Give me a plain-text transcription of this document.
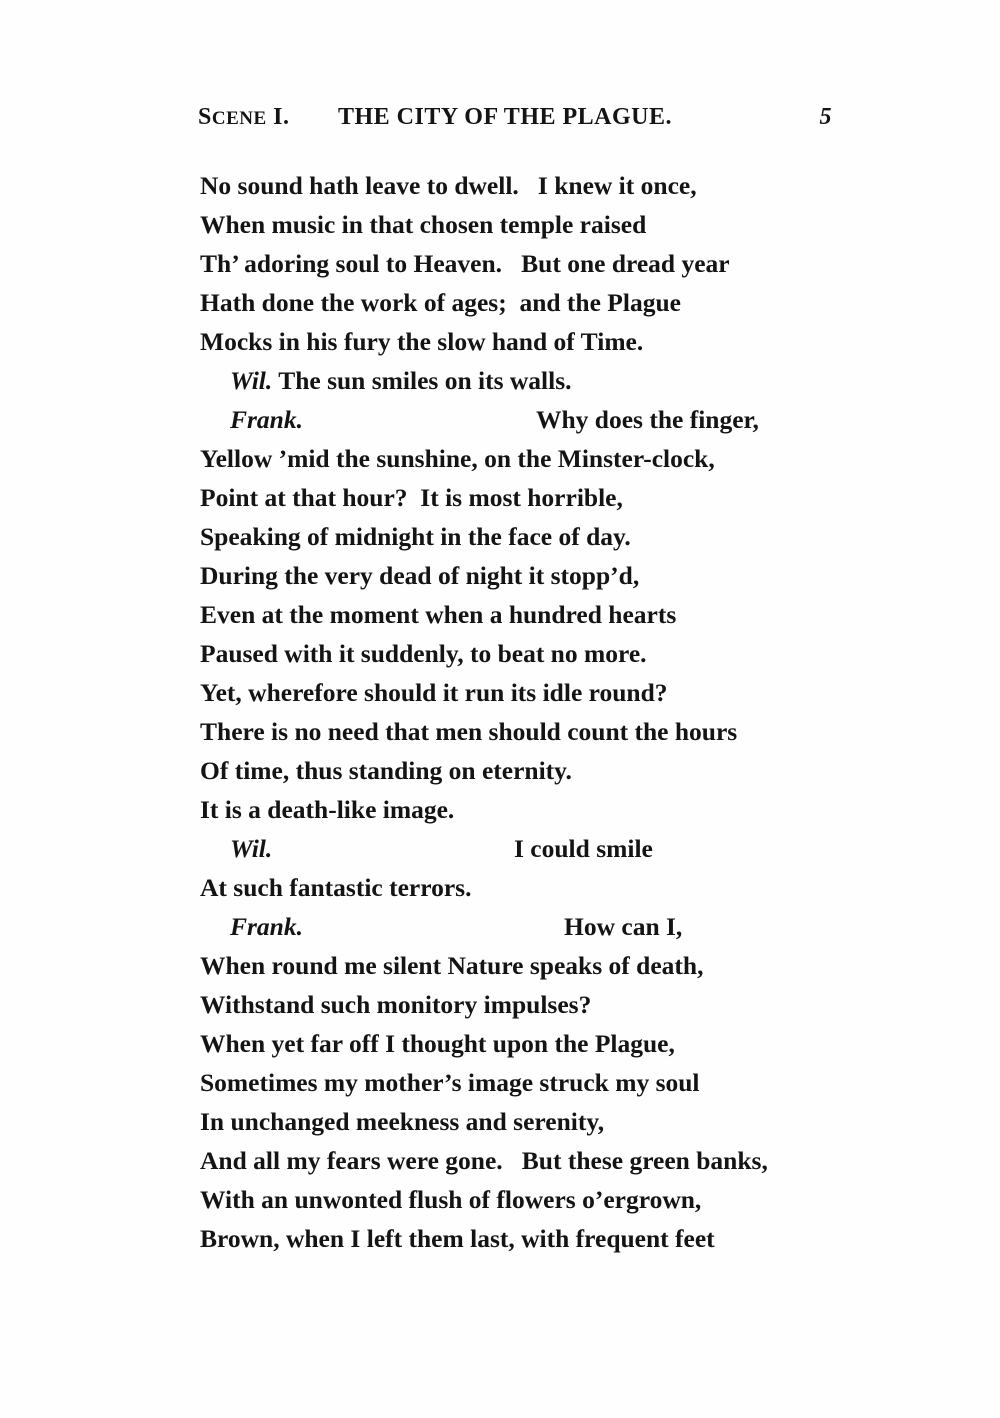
SCENE I. THE CITY OF THE PLAGUE.	5
No sound hath leave to dwell.   I knew it once,
When music in that chosen temple raised
Th’ adoring soul to Heaven.   But one dread year
Hath done the work of ages;  and the Plague
Mocks in his fury the slow hand of Time.
Wil. The sun smiles on its walls.
Frank.	Why does the finger,
Yellow ’mid the sunshine, on the Minster-clock,
Point at that hour?  It is most horrible,
Speaking of midnight in the face of day.
During the very dead of night it stopp’d,
Even at the moment when a hundred hearts
Paused with it suddenly, to beat no more.
Yet, wherefore should it run its idle round?
There is no need that men should count the hours
Of time, thus standing on eternity.
It is a death-like image.
Wil.	I could smile
At such fantastic terrors.
Frank.	How can I,
When round me silent Nature speaks of death,
Withstand such monitory impulses?
When yet far off I thought upon the Plague,
Sometimes my mother’s image struck my soul
In unchanged meekness and serenity,
And all my fears were gone.   But these green banks,
With an unwonted flush of flowers o’ergrown,
Brown, when I left them last, with frequent feet
